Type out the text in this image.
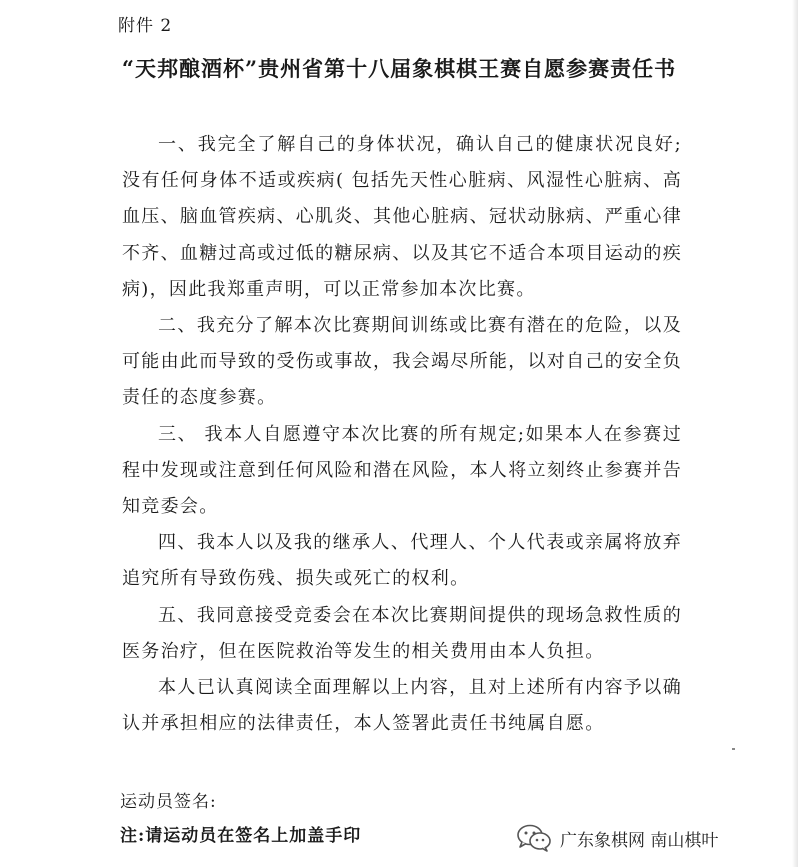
附件 2
“天邦酿酒杯”贵州省第十八届象棋棋王赛自愿参赛责任书

一、我完全了解自己的身体状况，确认自己的健康状况良好;没有任何身体不适或疾病( 包括先天性心脏病、风湿性心脏病、高血压、脑血管疾病、心肌炎、其他心脏病、冠状动脉病、严重心律不齐、血糖过高或过低的糖尿病、以及其它不适合本项目运动的疾病)，因此我郑重声明，可以正常参加本次比赛。

二、我充分了解本次比赛期间训练或比赛有潜在的危险，以及可能由此而导致的受伤或事故，我会竭尽所能，以对自己的安全负责任的态度参赛。

三、 我本人自愿遵守本次比赛的所有规定;如果本人在参赛过程中发现或注意到任何风险和潜在风险，本人将立刻终止参赛并告知竞委会。

四、我本人以及我的继承人、代理人、个人代表或亲属将放弃追究所有导致伤残、损失或死亡的权利。

五、我同意接受竞委会在本次比赛期间提供的现场急救性质的医务治疗，但在医院救治等发生的相关费用由本人负担。

本人已认真阅读全面理解以上内容，且对上述所有内容予以确认并承担相应的法律责任，本人签署此责任书纯属自愿。

运动员签名:
注:请运动员在签名上加盖手印	广东象棋网 南山棋叶
